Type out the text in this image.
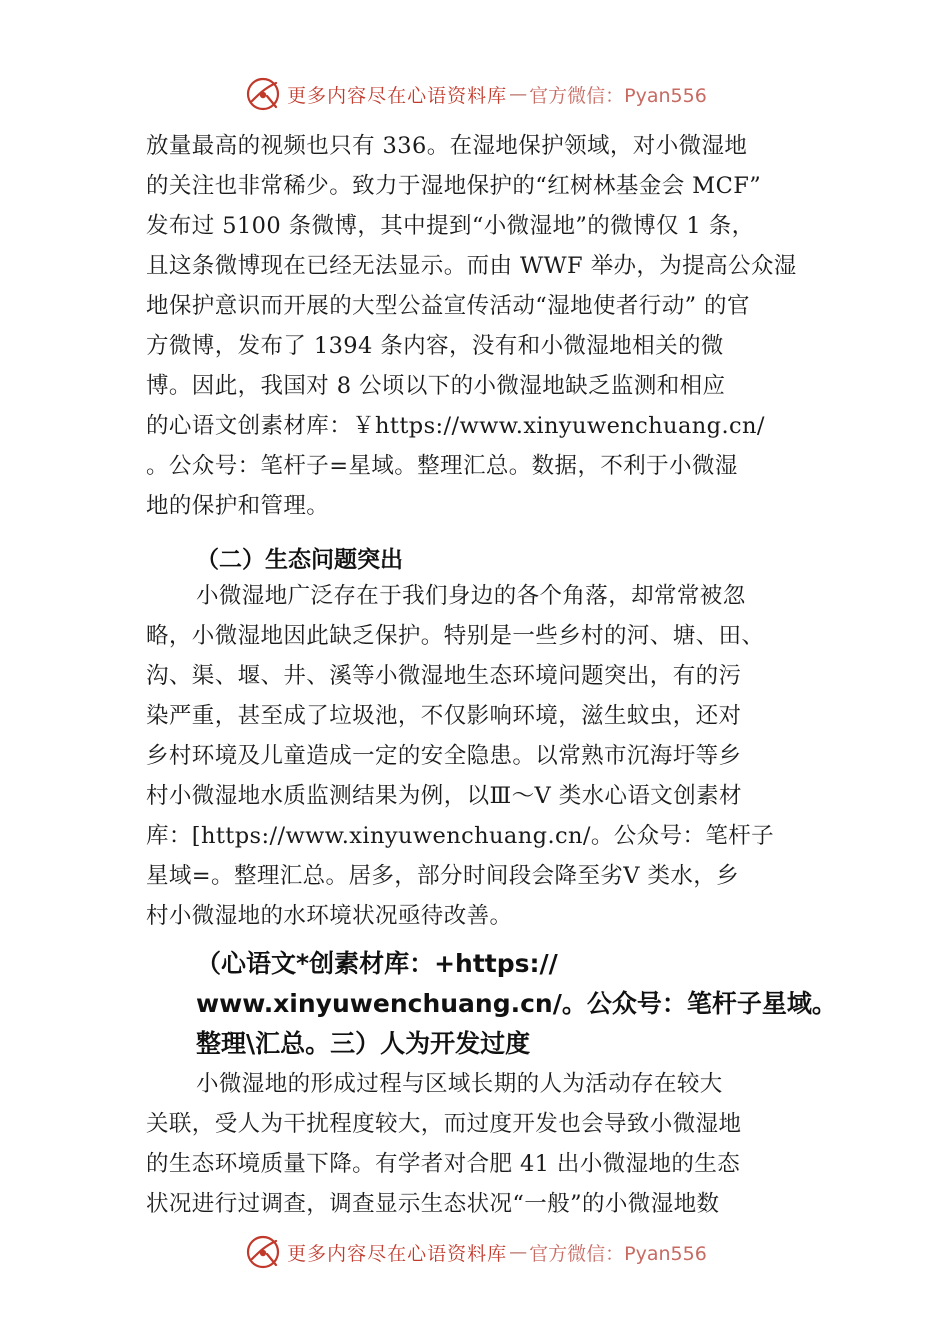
更多内容尽在心语资料库 — 官方微信：Pyan556
放量最高的视频也只有 336。在湿地保护领域，对小微湿地
的关注也非常稀少。致力于湿地保护的“红树林基金会 MCF”
发布过 5100 条微博，其中提到“小微湿地”的微博仅 1 条，
且这条微博现在已经无法显示。而由 WWF 举办，为提高公众湿
地保护意识而开展的大型公益宣传活动“湿地使者行动” 的官
方微博，发布了 1394 条内容，没有和小微湿地相关的微
博。因此，我国对 8 公顷以下的小微湿地缺乏监测和相应
的心语文创素材库：￥https://www.xinyuwenchuang.cn/
。公众号：笔杆子=星域。整理汇总。数据，不利于小微湿
地的保护和管理。
（二）生态问题突出
小微湿地广泛存在于我们身边的各个角落，却常常被忽
略，小微湿地因此缺乏保护。特别是一些乡村的河、塘、田、
沟、渠、堰、井、溪等小微湿地生态环境问题突出，有的污
染严重，甚至成了垃圾池，不仅影响环境，滋生蚊虫，还对
乡村环境及儿童造成一定的安全隐患。以常熟市沉海圩等乡
村小微湿地水质监测结果为例，以Ⅲ～Ⅴ 类水心语文创素材
库：[https://www.xinyuwenchuang.cn/。公众号：笔杆子
星域=。整理汇总。居多，部分时间段会降至劣Ⅴ 类水，乡
村小微湿地的水环境状况亟待改善。
（心语文*创素材库：+https://
www.xinyuwenchuang.cn/。公众号：笔杆子星域。
整理\汇总。三）人为开发过度
小微湿地的形成过程与区域长期的人为活动存在较大
关联，受人为干扰程度较大，而过度开发也会导致小微湿地
的生态环境质量下降。有学者对合肥 41 出小微湿地的生态
状况进行过调查，调查显示生态状况“一般”的小微湿地数
更多内容尽在心语资料库 — 官方微信：Pyan556
